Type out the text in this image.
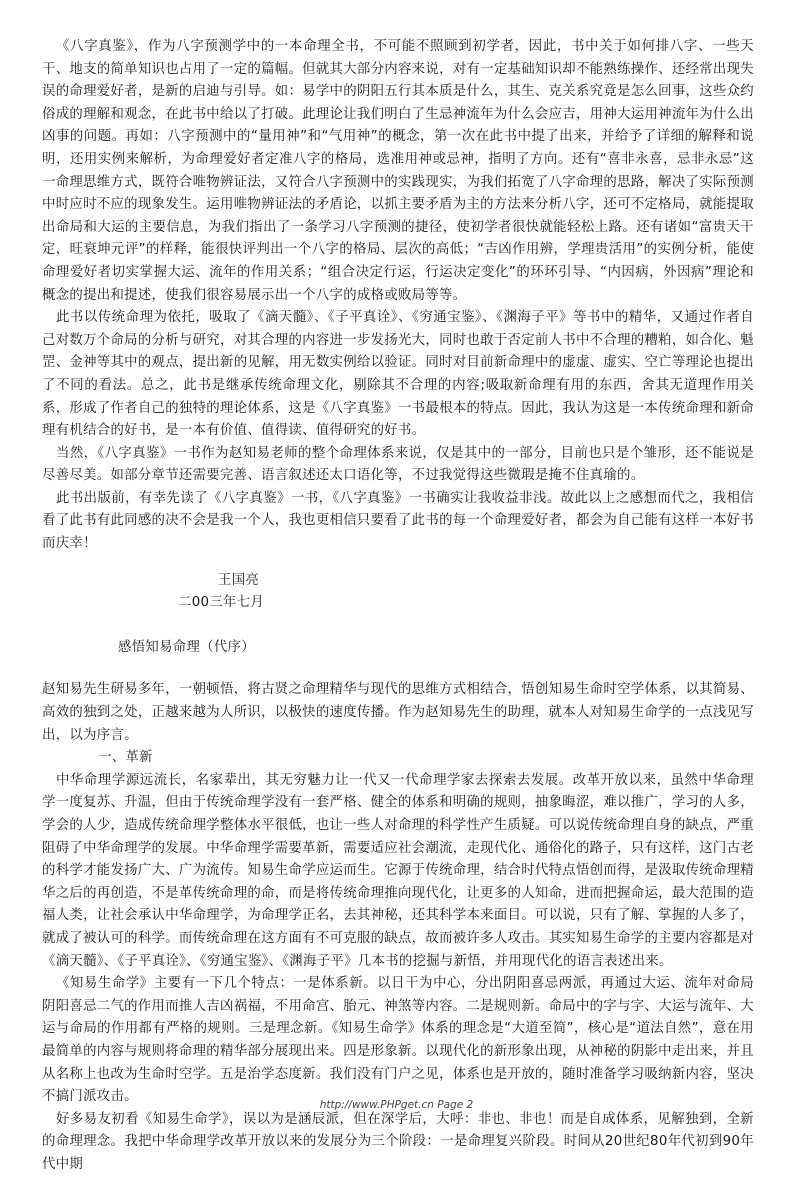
《八字真鉴》，作为八字预测学中的一本命理全书，不可能不照顾到初学者，因此，书中关于如何排八字、一些天干、地支的简单知识也占用了一定的篇幅。但就其大部分内容来说，对有一定基础知识却不能熟练操作、还经常出现失误的命理爱好者，是新的启迪与引导。如：易学中的阴阳五行其本质是什么，其生、克关系究竟是怎么回事，这些众约俗成的理解和观念，在此书中给以了打破。此理论让我们明白了生忌神流年为什么会应吉，用神大运用神流年为什么出凶事的问题。再如：八字预测中的“量用神”和“气用神”的概念，第一次在此书中提了出来，并给予了详细的解释和说明，还用实例来解析，为命理爱好者定准八字的格局，选准用神或忌神，指明了方向。还有“喜非永喜，忌非永忌”这一命理思维方式，既符合唯物辨证法，又符合八字预测中的实践现实，为我们拓宽了八字命理的思路，解决了实际预测中时应时不应的现象发生。运用唯物辨证法的矛盾论，以抓主要矛盾为主的方法来分析八字，还可不定格局，就能提取出命局和大运的主要信息，为我们指出了一条学习八字预测的捷径，使初学者很快就能轻松上路。还有诸如“富贵天干定，旺衰坤元评”的样释，能很快评判出一个八字的格局、层次的高低；“吉凶作用辨，学理贵活用”的实例分析，能使命理爱好者切实掌握大运、流年的作用关系；“组合决定行运，行运决定变化”的环环引导、“内因病，外因病”理论和概念的提出和提述，使我们很容易展示出一个八字的成格或败局等等。

此书以传统命理为依托，吸取了《滴天髓》、《子平真诠》、《穷通宝鉴》、《渊海子平》等书中的精华，又通过作者自己对数万个命局的分析与研究，对其合理的内容进一步发扬光大，同时也敢于否定前人书中不合理的糟粕，如合化、魁罡、金神等其中的观点，提出新的见解，用无数实例给以验证。同时对目前新命理中的虚虚、虚实、空亡等理论也提出了不同的看法。总之，此书是继承传统命理文化，剔除其不合理的内容;吸取新命理有用的东西，舍其无道理作用关系，形成了作者自己的独特的理论体系，这是《八字真鉴》一书最根本的特点。因此，我认为这是一本传统命理和新命理有机结合的好书，是一本有价值、值得读、值得研究的好书。

当然，《八字真鉴》一书作为赵知易老师的整个命理体系来说，仅是其中的一部分，目前也只是个雏形，还不能说是尽善尽美。如部分章节还需要完善、语言叙述还太口语化等，不过我觉得这些微瑕是掩不住真瑜的。

此书出版前，有幸先读了《八字真鉴》一书，《八字真鉴》一书确实让我收益非浅。故此以上之感想而代之，我相信看了此书有此同感的决不会是我一个人，我也更相信只要看了此书的每一个命理爱好者，都会为自己能有这样一本好书而庆幸！

王国亮

二00三年七月

感悟知易命理（代序）

赵知易先生研易多年，一朝顿悟，将古贤之命理精华与现代的思维方式相结合，悟创知易生命时空学体系，以其简易、高效的独到之处，正越来越为人所识，以极快的速度传播。作为赵知易先生的助理，就本人对知易生命学的一点浅见写出，以为序言。

一、革新

中华命理学源远流长，名家辈出，其无穷魅力让一代又一代命理学家去探索去发展。改革开放以来，虽然中华命理学一度复苏、升温，但由于传统命理学没有一套严格、健全的体系和明确的规则，抽象晦涩，难以推广，学习的人多，学会的人少，造成传统命理学整体水平很低，也让一些人对命理的科学性产生质疑。可以说传统命理自身的缺点，严重阻碍了中华命理学的发展。中华命理学需要革新，需要适应社会潮流，走现代化、通俗化的路子，只有这样，这门古老的科学才能发扬广大、广为流传。知易生命学应运而生。它源于传统命理，结合时代特点悟创而得，是汲取传统命理精华之后的再创造，不是革传统命理的命，而是将传统命理推向现代化，让更多的人知命，进而把握命运，最大范围的造福人类，让社会承认中华命理学，为命理学正名，去其神秘，还其科学本来面目。可以说，只有了解、掌握的人多了，就成了被认可的科学。而传统命理在这方面有不可克服的缺点，故而被许多人攻击。其实知易生命学的主要内容都是对《滴天髓》、《子平真诠》、《穷通宝鉴》、《渊海子平》几本书的挖掘与新悟，并用现代化的语言表述出来。

《知易生命学》主要有一下几个特点：一是体系新。以日干为中心，分出阴阳喜忌两派，再通过大运、流年对命局阴阳喜忌二气的作用而推人吉凶祸福，不用命宫、胎元、神煞等内容。二是规则新。命局中的字与字、大运与流年、大运与命局的作用都有严格的规则。三是理念新。《知易生命学》体系的理念是“大道至简”，核心是“道法自然”，意在用最简单的内容与规则将命理的精华部分展现出来。四是形象新。以现代化的新形象出现，从神秘的阴影中走出来，并且从名称上也改为生命时空学。五是治学态度新。我们没有门户之见，体系也是开放的，随时准备学习吸纳新内容，坚决不搞门派攻击。

好多易友初看《知易生命学》，误以为是涵辰派，但在深学后，大呼：非也、非也！而是自成体系，见解独到，全新的命理理念。我把中华命理学改革开放以来的发展分为三个阶段：一是命理复兴阶段。时间从20世纪80年代初到90年代中期

http://www.PHPget.cn Page 2
